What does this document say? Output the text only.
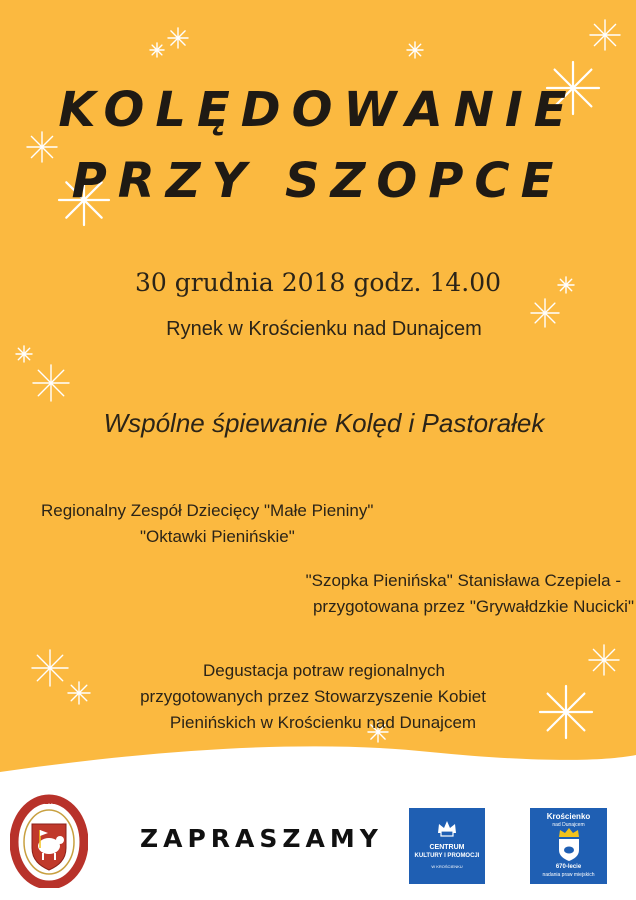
KOLĘDOWANIE
PRZY SZOPCE
30 grudnia 2018 godz. 14.00
Rynek w Krościenku nad Dunajcem
Wspólne śpiewanie Kolęd i Pastorałek
Regionalny Zespół Dziecięcy "Małe Pieniny"
"Oktawki Pienińskie"
"Szopka Pienińska" Stanisława Czepiela -
przygotowana przez "Grywałdzkie Nucicki"
Degustacja potraw regionalnych
przygotowanych przez Stowarzyszenie Kobiet
Pienińskich w Krościenku nad Dunajcem
HERB
ZAPRASZAMY	CENTRUM
KULTURY I PROMOCJI
W KROŚCIENKU
Krościenko
nad Dunajcem
670-lecie
nadania praw miejskich
